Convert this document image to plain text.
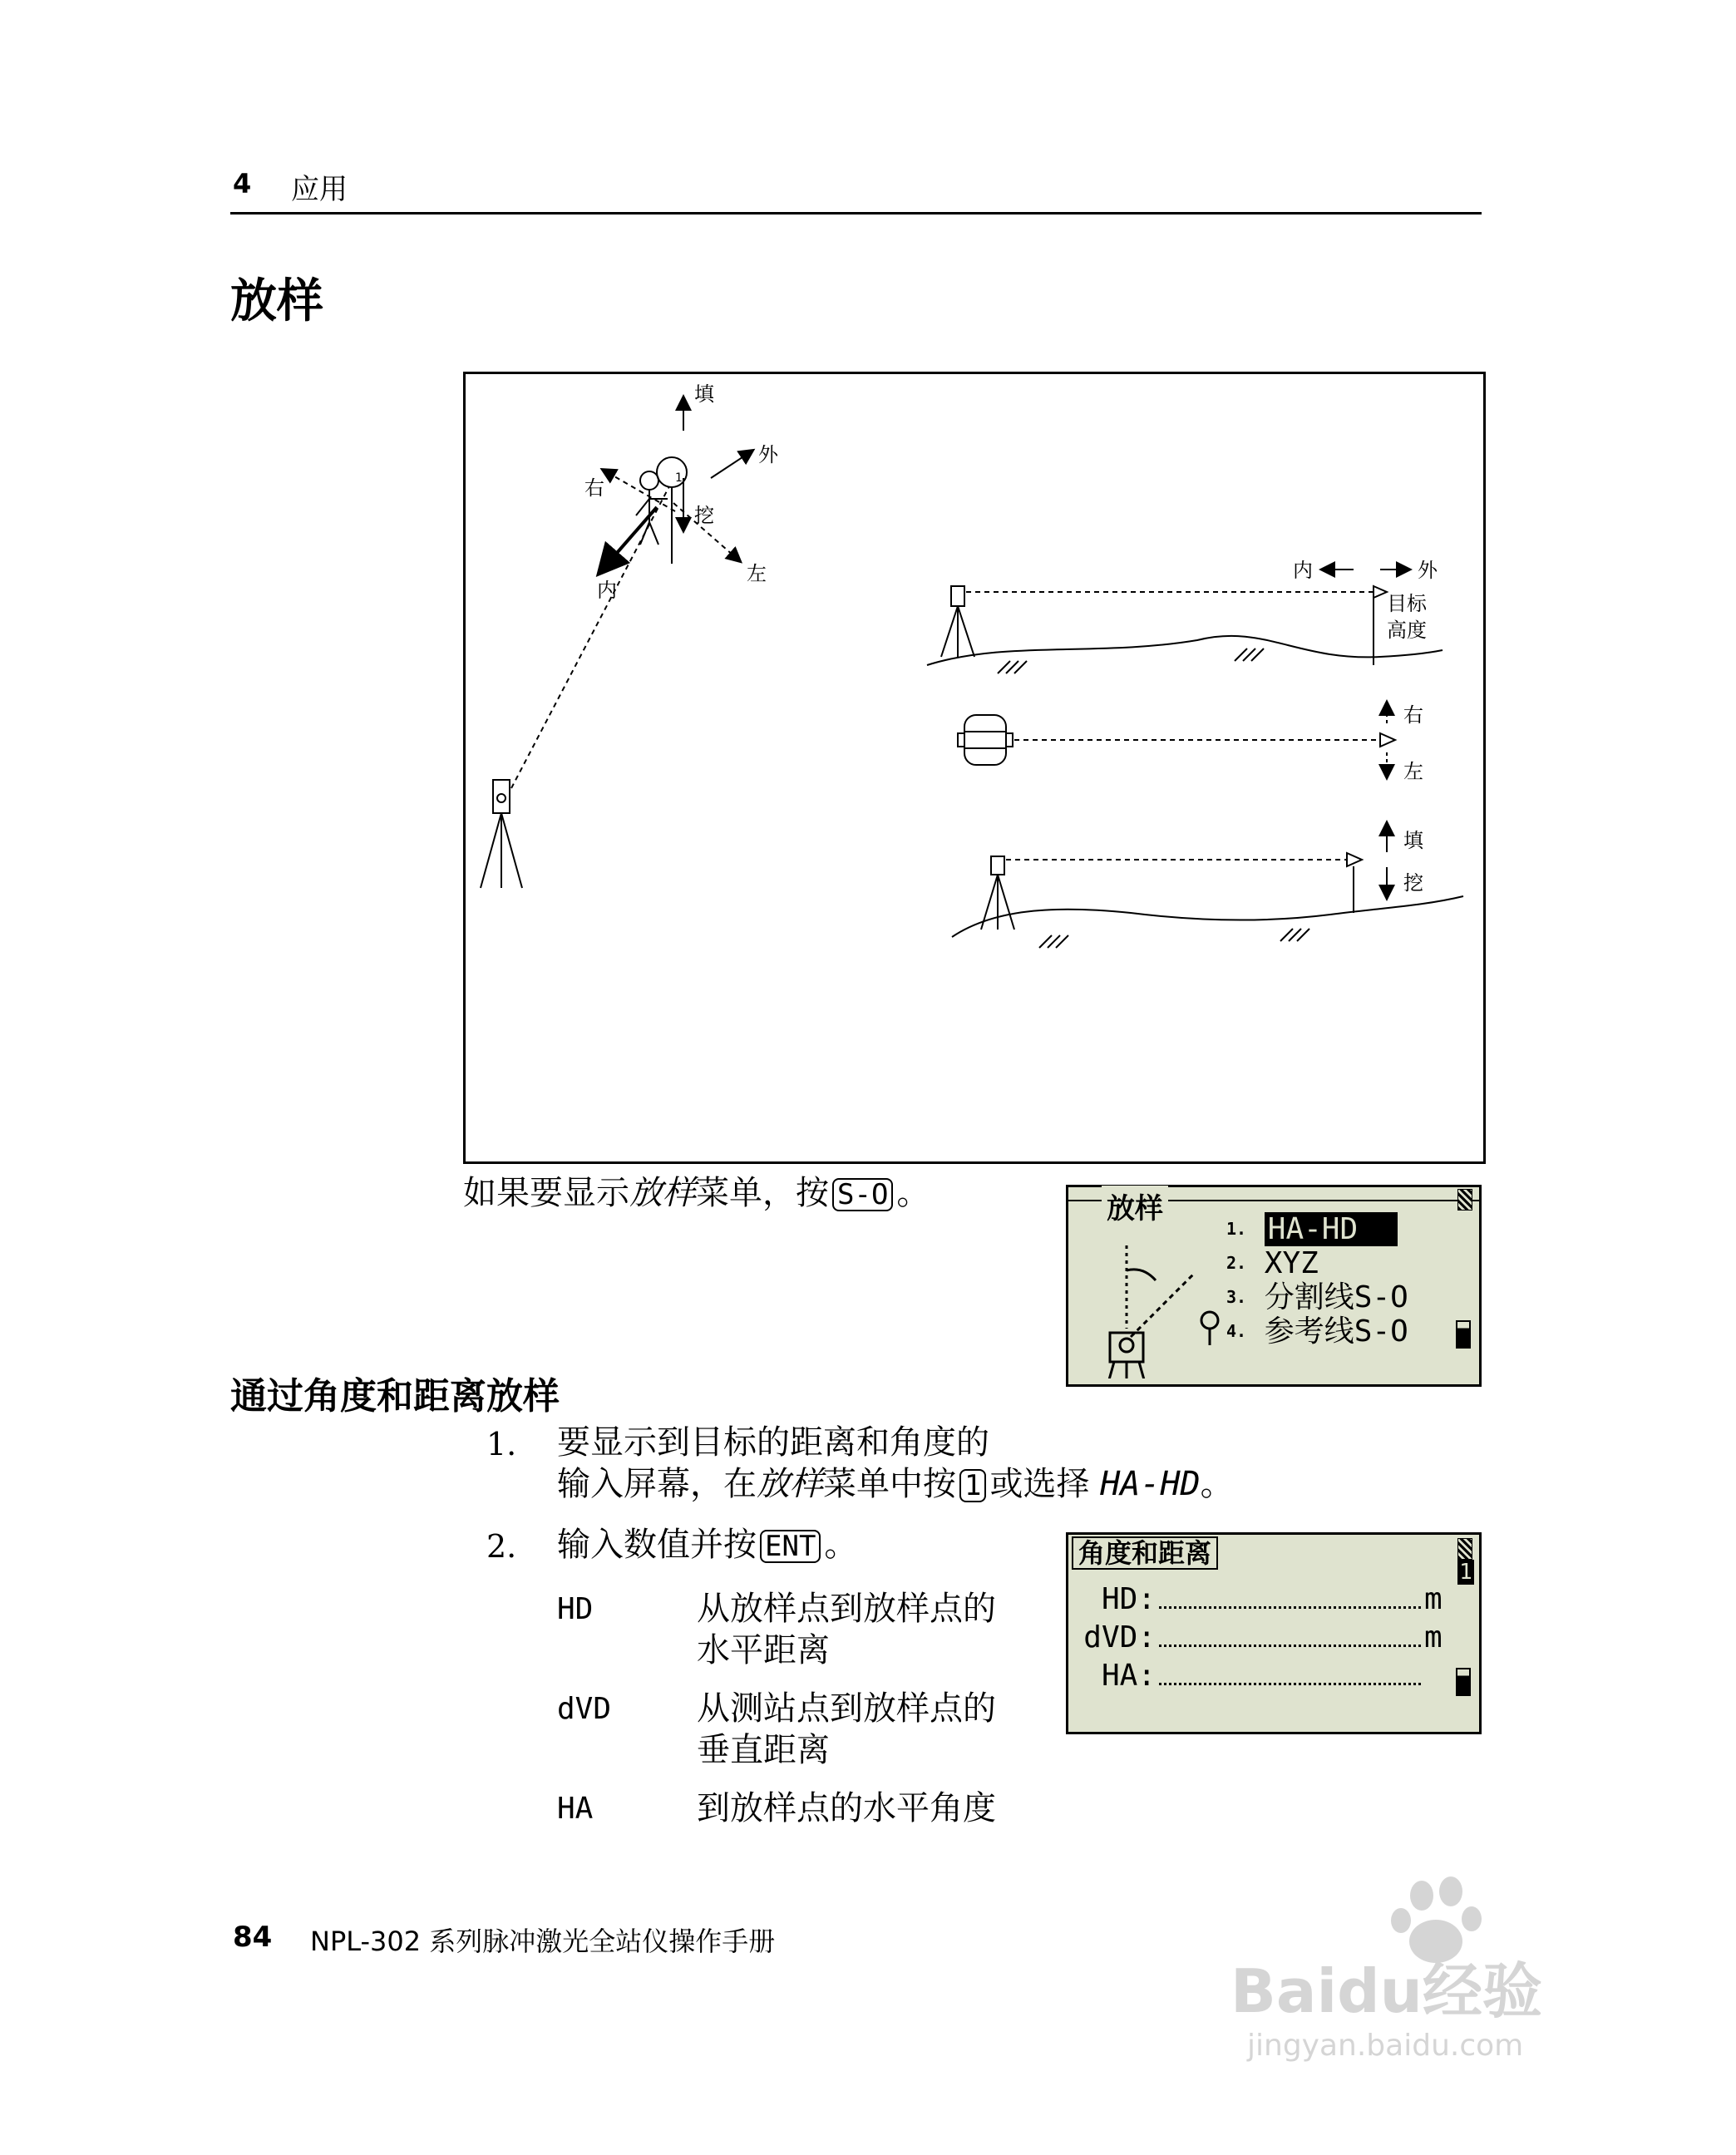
4 应用
放样
1
填
挖
外
右
左
内
内	外
目标
高度
右
左
填
挖
如果要显示放样菜单，按 S-O 。	放样
$^{1.}$ HA-HD
$^{2.}$ XYZ
$^{3.}$ 分割线S-O
$^{4.}$ 参考线S-O
通过角度和距离放样
1. 要显示到目标的距离和角度的
输入屏幕，在放样菜单中按 1 或选择 HA-HD。
2. 输入数值并按 ENT 。
HD	从放样点到放样点的
水平距离
dVD	从测站点到放样点的
垂直距离
HA	到放样点的水平角度
角度和距离
1
HD:	m
dVD:	m
HA:
84 NPL-302 系列脉冲激光全站仪操作手册
Baidu经验
jingyan.baidu.com
